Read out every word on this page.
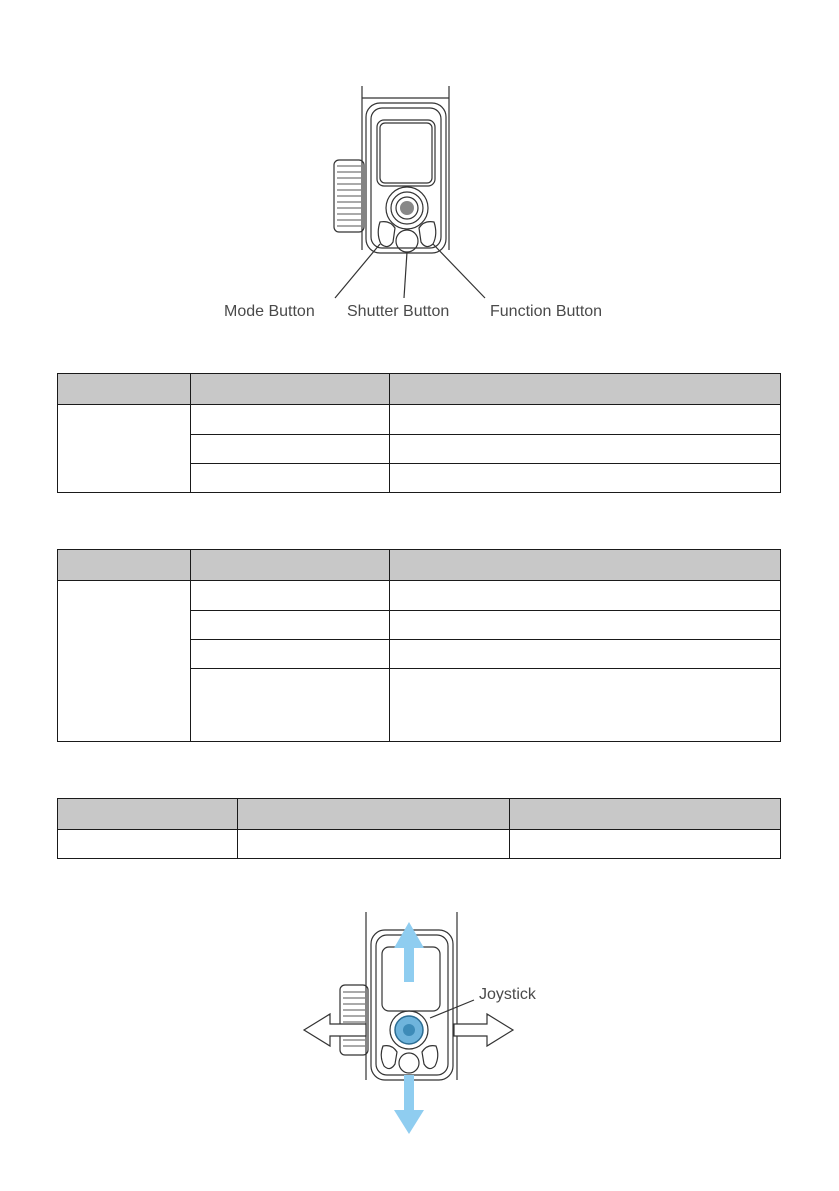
Mode Button Shutter Button	Function Button

Joystick
